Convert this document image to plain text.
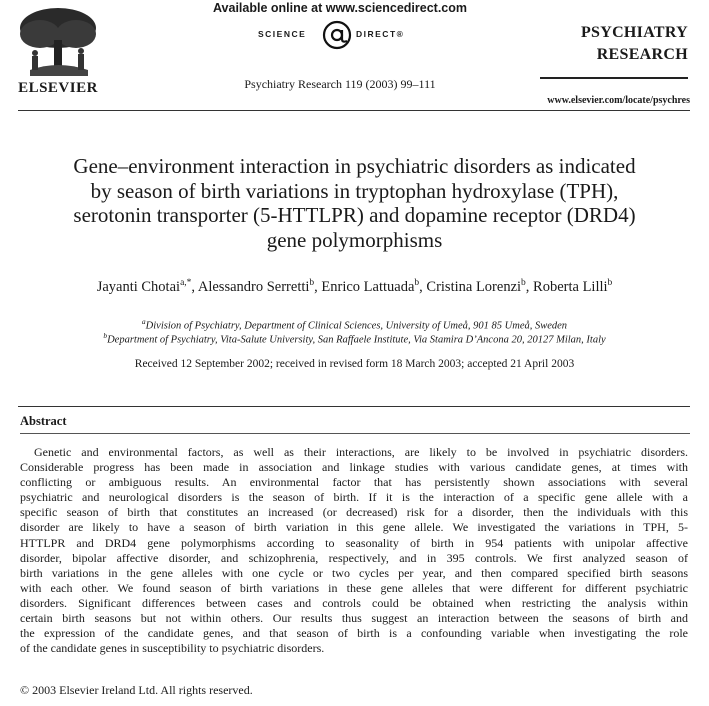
ELSEVIER
Available online at www.sciencedirect.com
SCIENCE	DIRECT®
Psychiatry Research 119 (2003) 99–111
PSYCHIATRY
RESEARCH
www.elsevier.com/locate/psychres
Gene–environment interaction in psychiatric disorders as indicated
by season of birth variations in tryptophan hydroxylase (TPH),
serotonin transporter (5-HTTLPR) and dopamine receptor (DRD4)
gene polymorphisms
Jayanti Chotai$^{a,*}$, Alessandro Serretti$^b$, Enrico Lattuada$^b$, Cristina Lorenzi$^b$, Roberta Lilli$^b$
$^a$Division of Psychiatry, Department of Clinical Sciences, University of Umeå, 901 85 Umeå, Sweden
$^b$Department of Psychiatry, Vita-Salute University, San Raffaele Institute, Via Stamira D’Ancona 20, 20127 Milan, Italy
Received 12 September 2002; received in revised form 18 March 2003; accepted 21 April 2003
Abstract
Genetic and environmental factors, as well as their interactions, are likely to be involved in psychiatric disorders.
Considerable progress has been made in association and linkage studies with various candidate genes, at times with
conflicting or ambiguous results. An environmental factor that has persistently shown associations with several
psychiatric and neurological disorders is the season of birth. If it is the interaction of a specific gene allele with a
specific season of birth that constitutes an increased (or decreased) risk for a disorder, then the individuals with this
disorder are likely to have a season of birth variation in this gene allele. We investigated the variations in TPH, 5-
HTTLPR and DRD4 gene polymorphisms according to seasonality of birth in 954 patients with unipolar affective
disorder, bipolar affective disorder, and schizophrenia, respectively, and in 395 controls. We first analyzed season of
birth variations in the gene alleles with one cycle or two cycles per year, and then compared specified birth seasons
with each other. We found season of birth variations in these gene alleles that were different for different psychiatric
disorders. Significant differences between cases and controls could be obtained when restricting the analysis within
certain birth seasons but not within others. Our results thus suggest an interaction between the seasons of birth and
the expression of the candidate genes, and that season of birth is a confounding variable when investigating the role
of the candidate genes in susceptibility to psychiatric disorders.
© 2003 Elsevier Ireland Ltd. All rights reserved.
